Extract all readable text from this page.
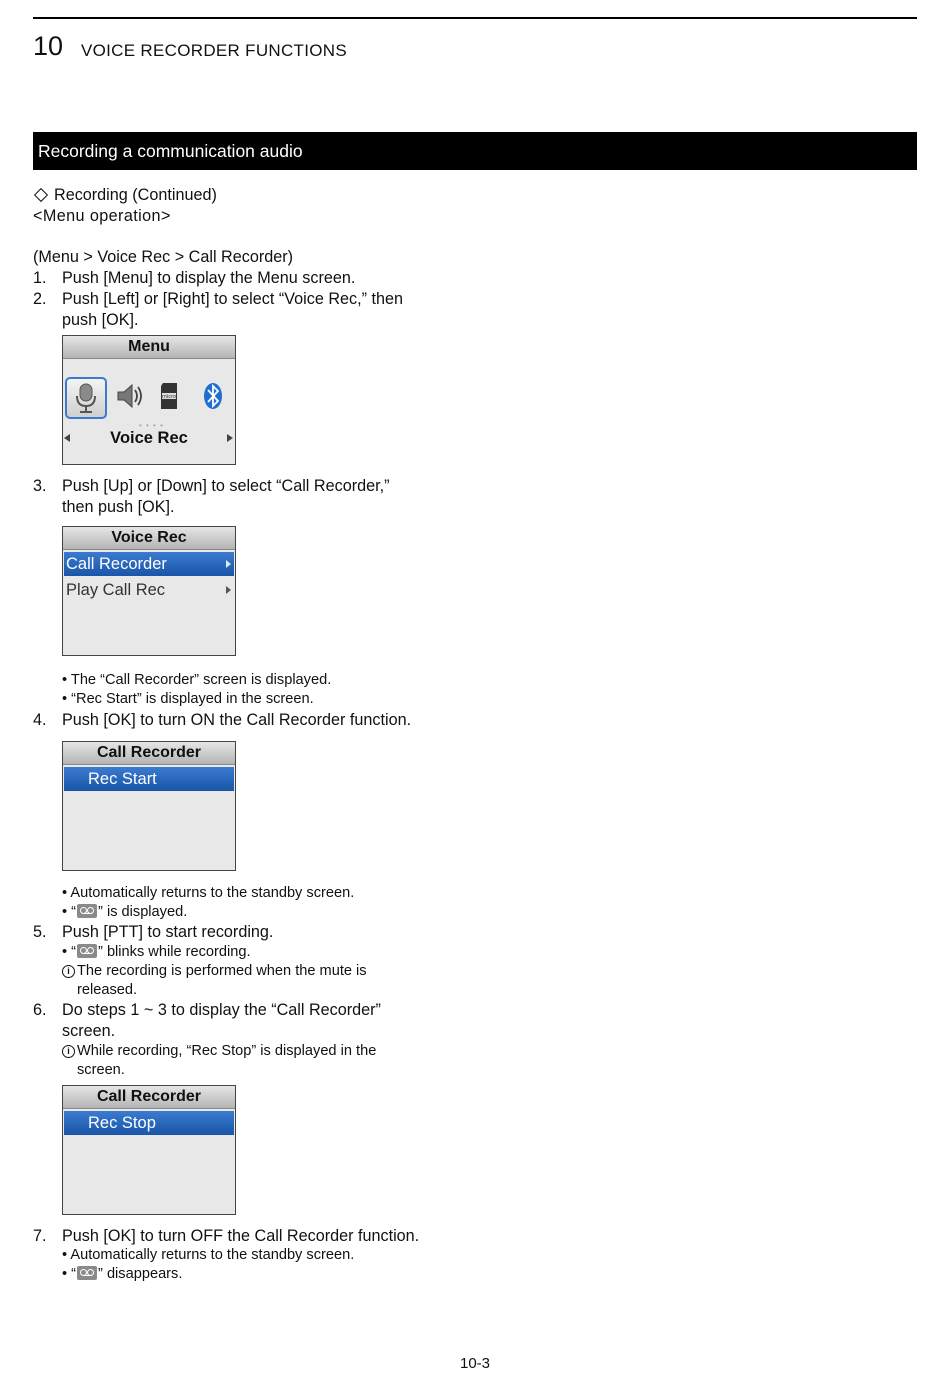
10 VOICE RECORDER FUNCTIONS
Recording a communication audio
Recording (Continued)
<Menu operation>
(Menu > Voice Rec > Call Recorder)
1. Push [Menu] to display the Menu screen.
2. Push [Left] or [Right] to select “Voice Rec,” then
push [OK].
Menu
micro
• • • •
Voice Rec
3. Push [Up] or [Down] to select “Call Recorder,”
then push [OK].
Voice Rec
Call Recorder
Play Call Rec
• The “Call Recorder” screen is displayed.
• “Rec Start” is displayed in the screen.
4. Push [OK] to turn ON the Call Recorder function.
Call Recorder
Rec Start
• Automatically returns to the standby screen.
• “ ” is displayed.
5. Push [PTT] to start recording.
• “ ” blinks while recording.
i The recording is performed when the mute is
released.
6. Do steps 1 ~ 3 to display the “Call Recorder”
screen.
i While recording, “Rec Stop” is displayed in the
screen.
Call Recorder
Rec Stop
7. Push [OK] to turn OFF the Call Recorder function.
• Automatically returns to the standby screen.
• “ ” disappears.
10-3
